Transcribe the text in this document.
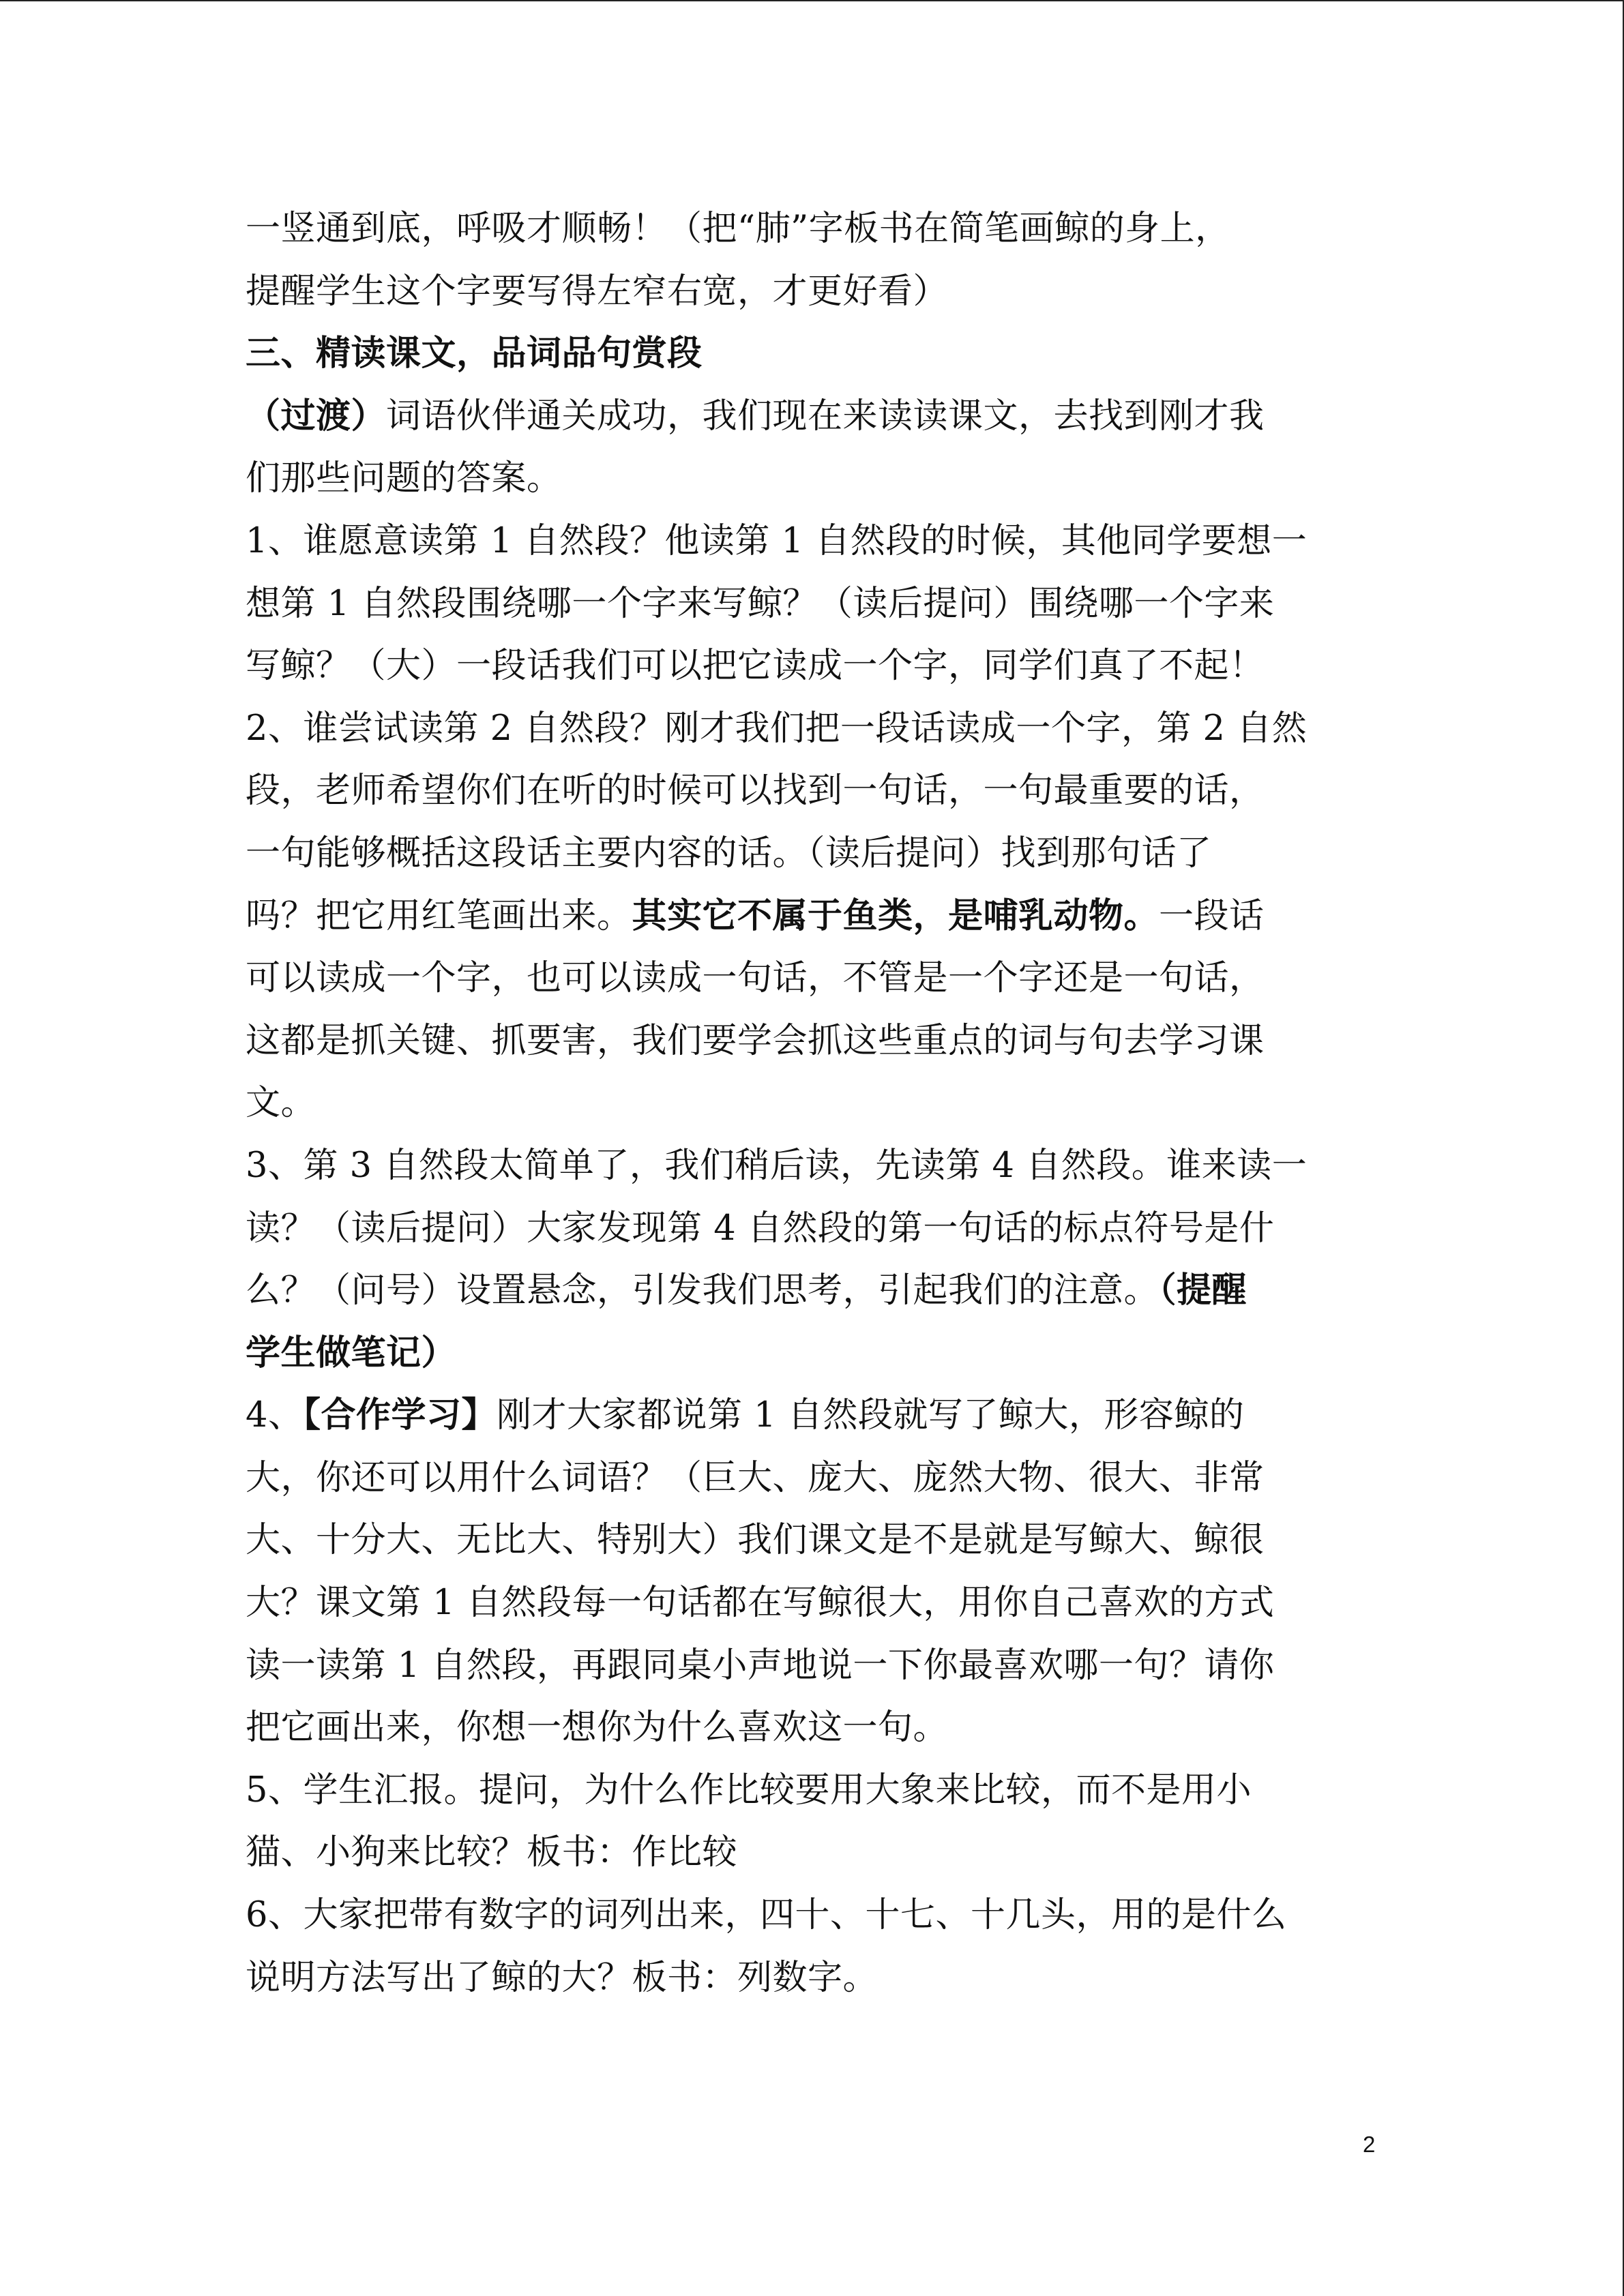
一竖通到底，呼吸才顺畅！（把“肺”字板书在简笔画鲸的身上，
提醒学生这个字要写得左窄右宽，才更好看）
三、精读课文，品词品句赏段
（过渡）词语伙伴通关成功，我们现在来读读课文，去找到刚才我
们那些问题的答案。
1、谁愿意读第 1 自然段？他读第 1 自然段的时候，其他同学要想一
想第 1 自然段围绕哪一个字来写鲸？（读后提问）围绕哪一个字来
写鲸？（大）一段话我们可以把它读成一个字，同学们真了不起！
2、谁尝试读第 2 自然段？刚才我们把一段话读成一个字，第 2 自然
段，老师希望你们在听的时候可以找到一句话，一句最重要的话，
一句能够概括这段话主要内容的话。（读后提问）找到那句话了
吗？把它用红笔画出来。其实它不属于鱼类，是哺乳动物。一段话
可以读成一个字，也可以读成一句话，不管是一个字还是一句话，
这都是抓关键、抓要害，我们要学会抓这些重点的词与句去学习课
文。
3、第 3 自然段太简单了，我们稍后读，先读第 4 自然段。谁来读一
读？（读后提问）大家发现第 4 自然段的第一句话的标点符号是什
么？（问号）设置悬念，引发我们思考，引起我们的注意。（提醒
学生做笔记）
4、【合作学习】刚才大家都说第 1 自然段就写了鲸大，形容鲸的
大，你还可以用什么词语？（巨大、庞大、庞然大物、很大、非常
大、十分大、无比大、特别大）我们课文是不是就是写鲸大、鲸很
大？课文第 1 自然段每一句话都在写鲸很大，用你自己喜欢的方式
读一读第 1 自然段，再跟同桌小声地说一下你最喜欢哪一句？请你
把它画出来，你想一想你为什么喜欢这一句。
5、学生汇报。提问，为什么作比较要用大象来比较，而不是用小
猫、小狗来比较？板书：作比较
6、大家把带有数字的词列出来，四十、十七、十几头，用的是什么
说明方法写出了鲸的大？板书：列数字。
2
